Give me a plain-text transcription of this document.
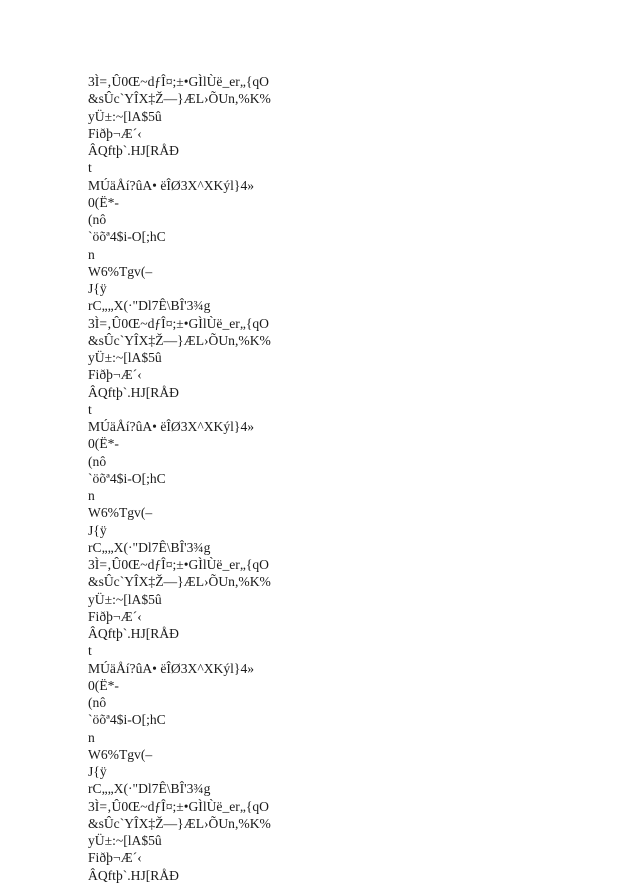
3Ì=‚Û0Œ~dƒÎ¤;±•GÌlÙë_er„{qO
&sÛc`YÎX‡Ž—}ÆL›ÕUn,%K%
yÜ±:~[lA$5û
Fiðþ¬Æ´‹
ÂQftþ`.HJ[RÅÐ
t
MÚäÅí?ûA• ëÎØ3X^XKýl}4»
0(Ë*-
(nô
`öõª4$i-O[;hC
n
W6%Tgv(–
J{ÿ
rC„„X(·"Dl7Ê\BÎ'3¾g
3Ì=‚Û0Œ~dƒÎ¤;±•GÌlÙë_er„{qO
&sÛc`YÎX‡Ž—}ÆL›ÕUn,%K%
yÜ±:~[lA$5û
Fiðþ¬Æ´‹
ÂQftþ`.HJ[RÅÐ
t
MÚäÅí?ûA• ëÎØ3X^XKýl}4»
0(Ë*-
(nô
`öõª4$i-O[;hC
n
W6%Tgv(–
J{ÿ
rC„„X(·"Dl7Ê\BÎ'3¾g
3Ì=‚Û0Œ~dƒÎ¤;±•GÌlÙë_er„{qO
&sÛc`YÎX‡Ž—}ÆL›ÕUn,%K%
yÜ±:~[lA$5û
Fiðþ¬Æ´‹
ÂQftþ`.HJ[RÅÐ
t
MÚäÅí?ûA• ëÎØ3X^XKýl}4»
0(Ë*-
(nô
`öõª4$i-O[;hC
n
W6%Tgv(–
J{ÿ
rC„„X(·"Dl7Ê\BÎ'3¾g
3Ì=‚Û0Œ~dƒÎ¤;±•GÌlÙë_er„{qO
&sÛc`YÎX‡Ž—}ÆL›ÕUn,%K%
yÜ±:~[lA$5û
Fiðþ¬Æ´‹
ÂQftþ`.HJ[RÅÐ
